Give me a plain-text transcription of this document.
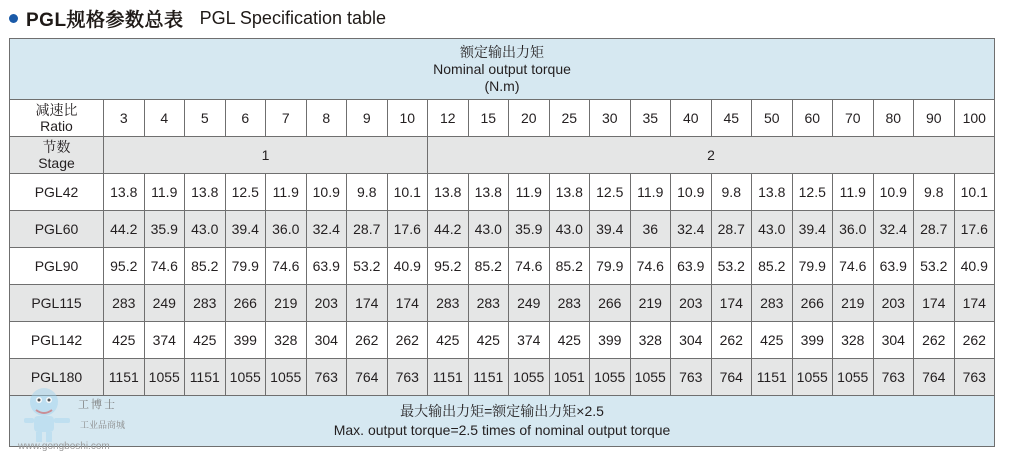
PGL规格参数总表 PGL Specification table
额定输出力矩
Nominal output torque
(N.m)																						

减速比
Ratio	3	4	5	6	7	8	9	10	12	15	20	25	30	35	40	45	50	60	70	80	90	100

节数
Stage	1								2													
PGL42	13.8	11.9	13.8	12.5	11.9	10.9	9.8	10.1	13.8	13.8	11.9	13.8	12.5	11.9	10.9	9.8	13.8	12.5	11.9	10.9	9.8	10.1
PGL60	44.2	35.9	43.0	39.4	36.0	32.4	28.7	17.6	44.2	43.0	35.9	43.0	39.4	36	32.4	28.7	43.0	39.4	36.0	32.4	28.7	17.6
PGL90	95.2	74.6	85.2	79.9	74.6	63.9	53.2	40.9	95.2	85.2	74.6	85.2	79.9	74.6	63.9	53.2	85.2	79.9	74.6	63.9	53.2	40.9
PGL115	283	249	283	266	219	203	174	174	283	283	249	283	266	219	203	174	283	266	219	203	174	174
PGL142	425	374	425	399	328	304	262	262	425	425	374	425	399	328	304	262	425	399	328	304	262	262
PGL180	1151	1055	1151	1055	1055	763	764	763	1151	1151	1055	1051	1055	1055	763	764	1151	1055	1055	763	764	763

最大输出力矩=额定输出力矩×2.5
Max. output torque=2.5 times of nominal output torque																						
工博士
工业品商城
www.gongboshi.com
